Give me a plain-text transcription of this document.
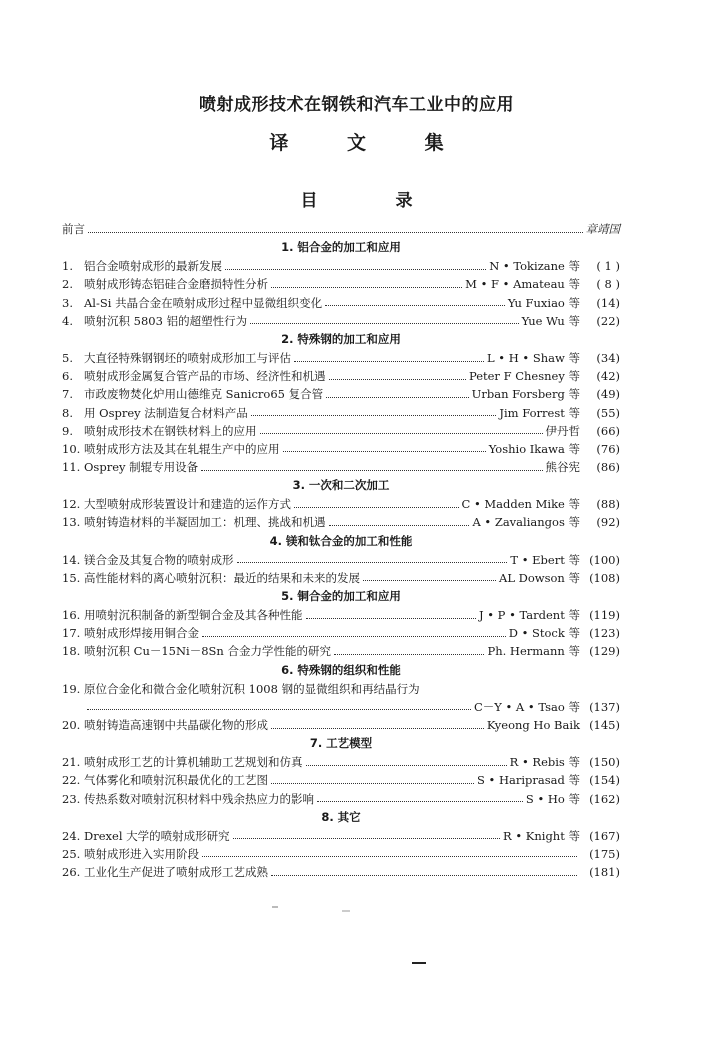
喷射成形技术在钢铁和汽车工业中的应用
译 文 集
目 录
前言	章靖国
1. 铝合金的加工和应用
1. 铝合金喷射成形的最新发展	N • Tokizane 等	( 1 )
2. 喷射成形铸态铝硅合金磨损特性分析	M • F • Amateau 等	( 8 )
3. Al-Si 共晶合金在喷射成形过程中显微组织变化	Yu Fuxiao 等	(14)
4. 喷射沉积 5803 铝的超塑性行为	Yue Wu 等	(22)
2. 特殊钢的加工和应用
5. 大直径特殊钢钢坯的喷射成形加工与评估	L • H • Shaw 等	(34)
6. 喷射成形金属复合管产品的市场、经济性和机遇	Peter F Chesney 等	(42)
7. 市政废物焚化炉用山德维克 Sanicro65 复合管	Urban Forsberg 等	(49)
8. 用 Osprey 法制造复合材料产品	Jim Forrest 等	(55)
9. 喷射成形技术在钢铁材料上的应用	伊丹哲	(66)
10. 喷射成形方法及其在轧辊生产中的应用	Yoshio Ikawa 等	(76)
11. Osprey 制辊专用设备	熊谷宪	(86)
3. 一次和二次加工
12. 大型喷射成形装置设计和建造的运作方式	C • Madden Mike 等	(88)
13. 喷射铸造材料的半凝固加工：机理、挑战和机遇	A • Zavaliangos 等	(92)
4. 镁和钛合金的加工和性能
14. 镁合金及其复合物的喷射成形	T • Ebert 等 (100)
15. 高性能材料的离心喷射沉积：最近的结果和未来的发展	AL Dowson 等 (108)
5. 铜合金的加工和应用
16. 用喷射沉积制备的新型铜合金及其各种性能	J • P • Tardent 等 (119)
17. 喷射成形焊接用铜合金	D • Stock 等 (123)
18. 喷射沉积 Cu－15Ni－8Sn 合金力学性能的研究	Ph. Hermann 等 (129)
6. 特殊钢的组织和性能
19. 原位合金化和微合金化喷射沉积 1008 钢的显微组织和再结晶行为
C－Y • A • Tsao 等 (137)
20. 喷射铸造高速钢中共晶碳化物的形成	Kyeong Ho Baik (145)
7. 工艺模型
21. 喷射成形工艺的计算机辅助工艺规划和仿真	R • Rebis 等 (150)
22. 气体雾化和喷射沉积最优化的工艺图	S • Hariprasad 等 (154)
23. 传热系数对喷射沉积材料中残余热应力的影响	S • Ho 等 (162)
8. 其它
24. Drexel 大学的喷射成形研究	R • Knight 等 (167)
25. 喷射成形进入实用阶段	(175)
26. 工业化生产促进了喷射成形工艺成熟	(181)
